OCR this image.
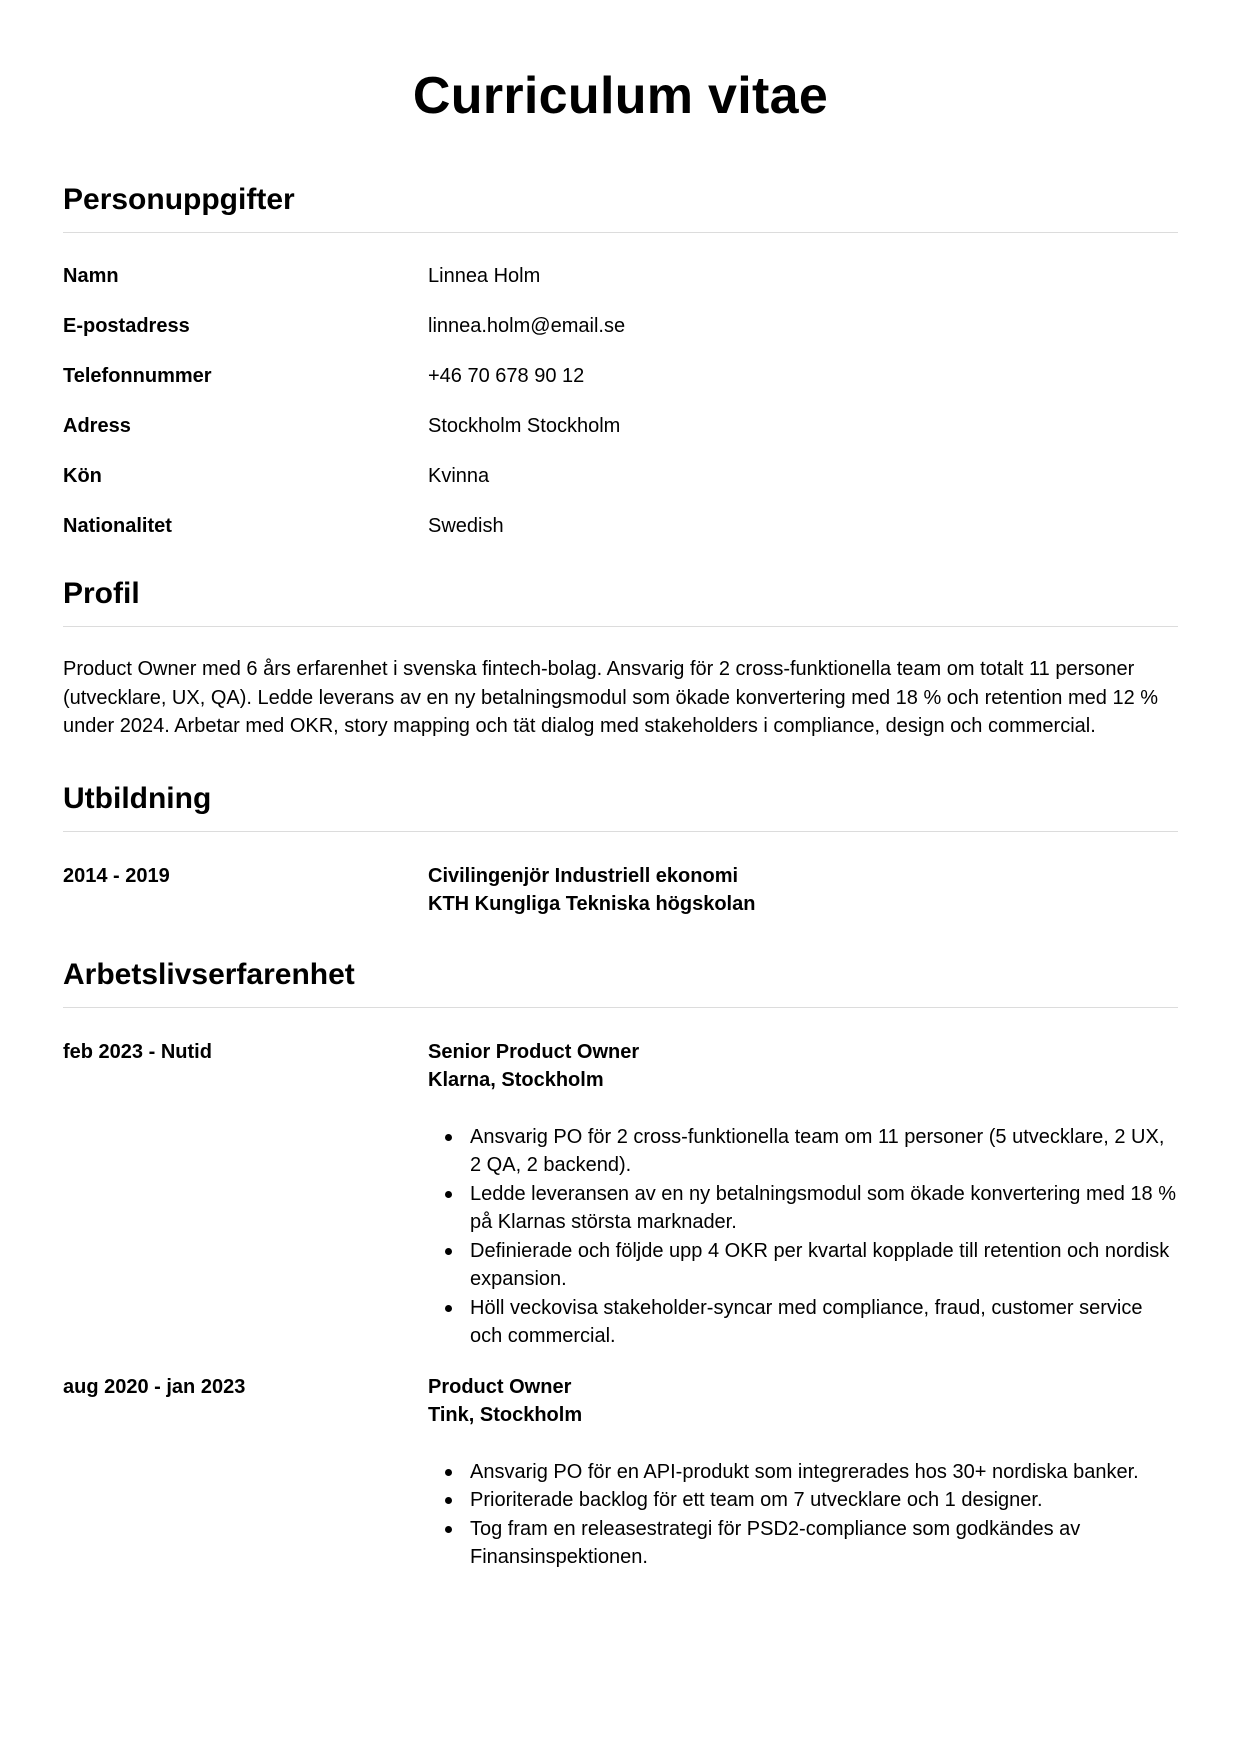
Curriculum vitae
Personuppgifter
Namn	Linnea Holm
E-postadress	linnea.holm@email.se
Telefonnummer	+46 70 678 90 12
Adress	Stockholm Stockholm
Kön	Kvinna
Nationalitet	Swedish
Profil

Product Owner med 6 års erfarenhet i svenska fintech-bolag. Ansvarig för 2 cross-funktionella team om totalt 11 personer (utvecklare, UX, QA). Ledde leverans av en ny betalningsmodul som ökade konvertering med 18 % och retention med 12 % under 2024. Arbetar med OKR, story mapping och tät dialog med stakeholders i compliance, design och commercial.

Utbildning
2014 - 2019	Civilingenjör Industriell ekonomi
KTH Kungliga Tekniska högskolan
Arbetslivserfarenhet
feb 2023 - Nutid	Senior Product Owner
Klarna, Stockholm
Ansvarig PO för 2 cross-funktionella team om 11 personer (5 utvecklare, 2 UX, 2 QA, 2 backend).
Ledde leveransen av en ny betalningsmodul som ökade konvertering med 18 % på Klarnas största marknader.
Definierade och följde upp 4 OKR per kvartal kopplade till retention och nordisk expansion.
Höll veckovisa stakeholder-syncar med compliance, fraud, customer service och commercial.
aug 2020 - jan 2023	Product Owner
Tink, Stockholm
Ansvarig PO för en API-produkt som integrerades hos 30+ nordiska banker.
Prioriterade backlog för ett team om 7 utvecklare och 1 designer.
Tog fram en releasestrategi för PSD2-compliance som godkändes av Finansinspektionen.
